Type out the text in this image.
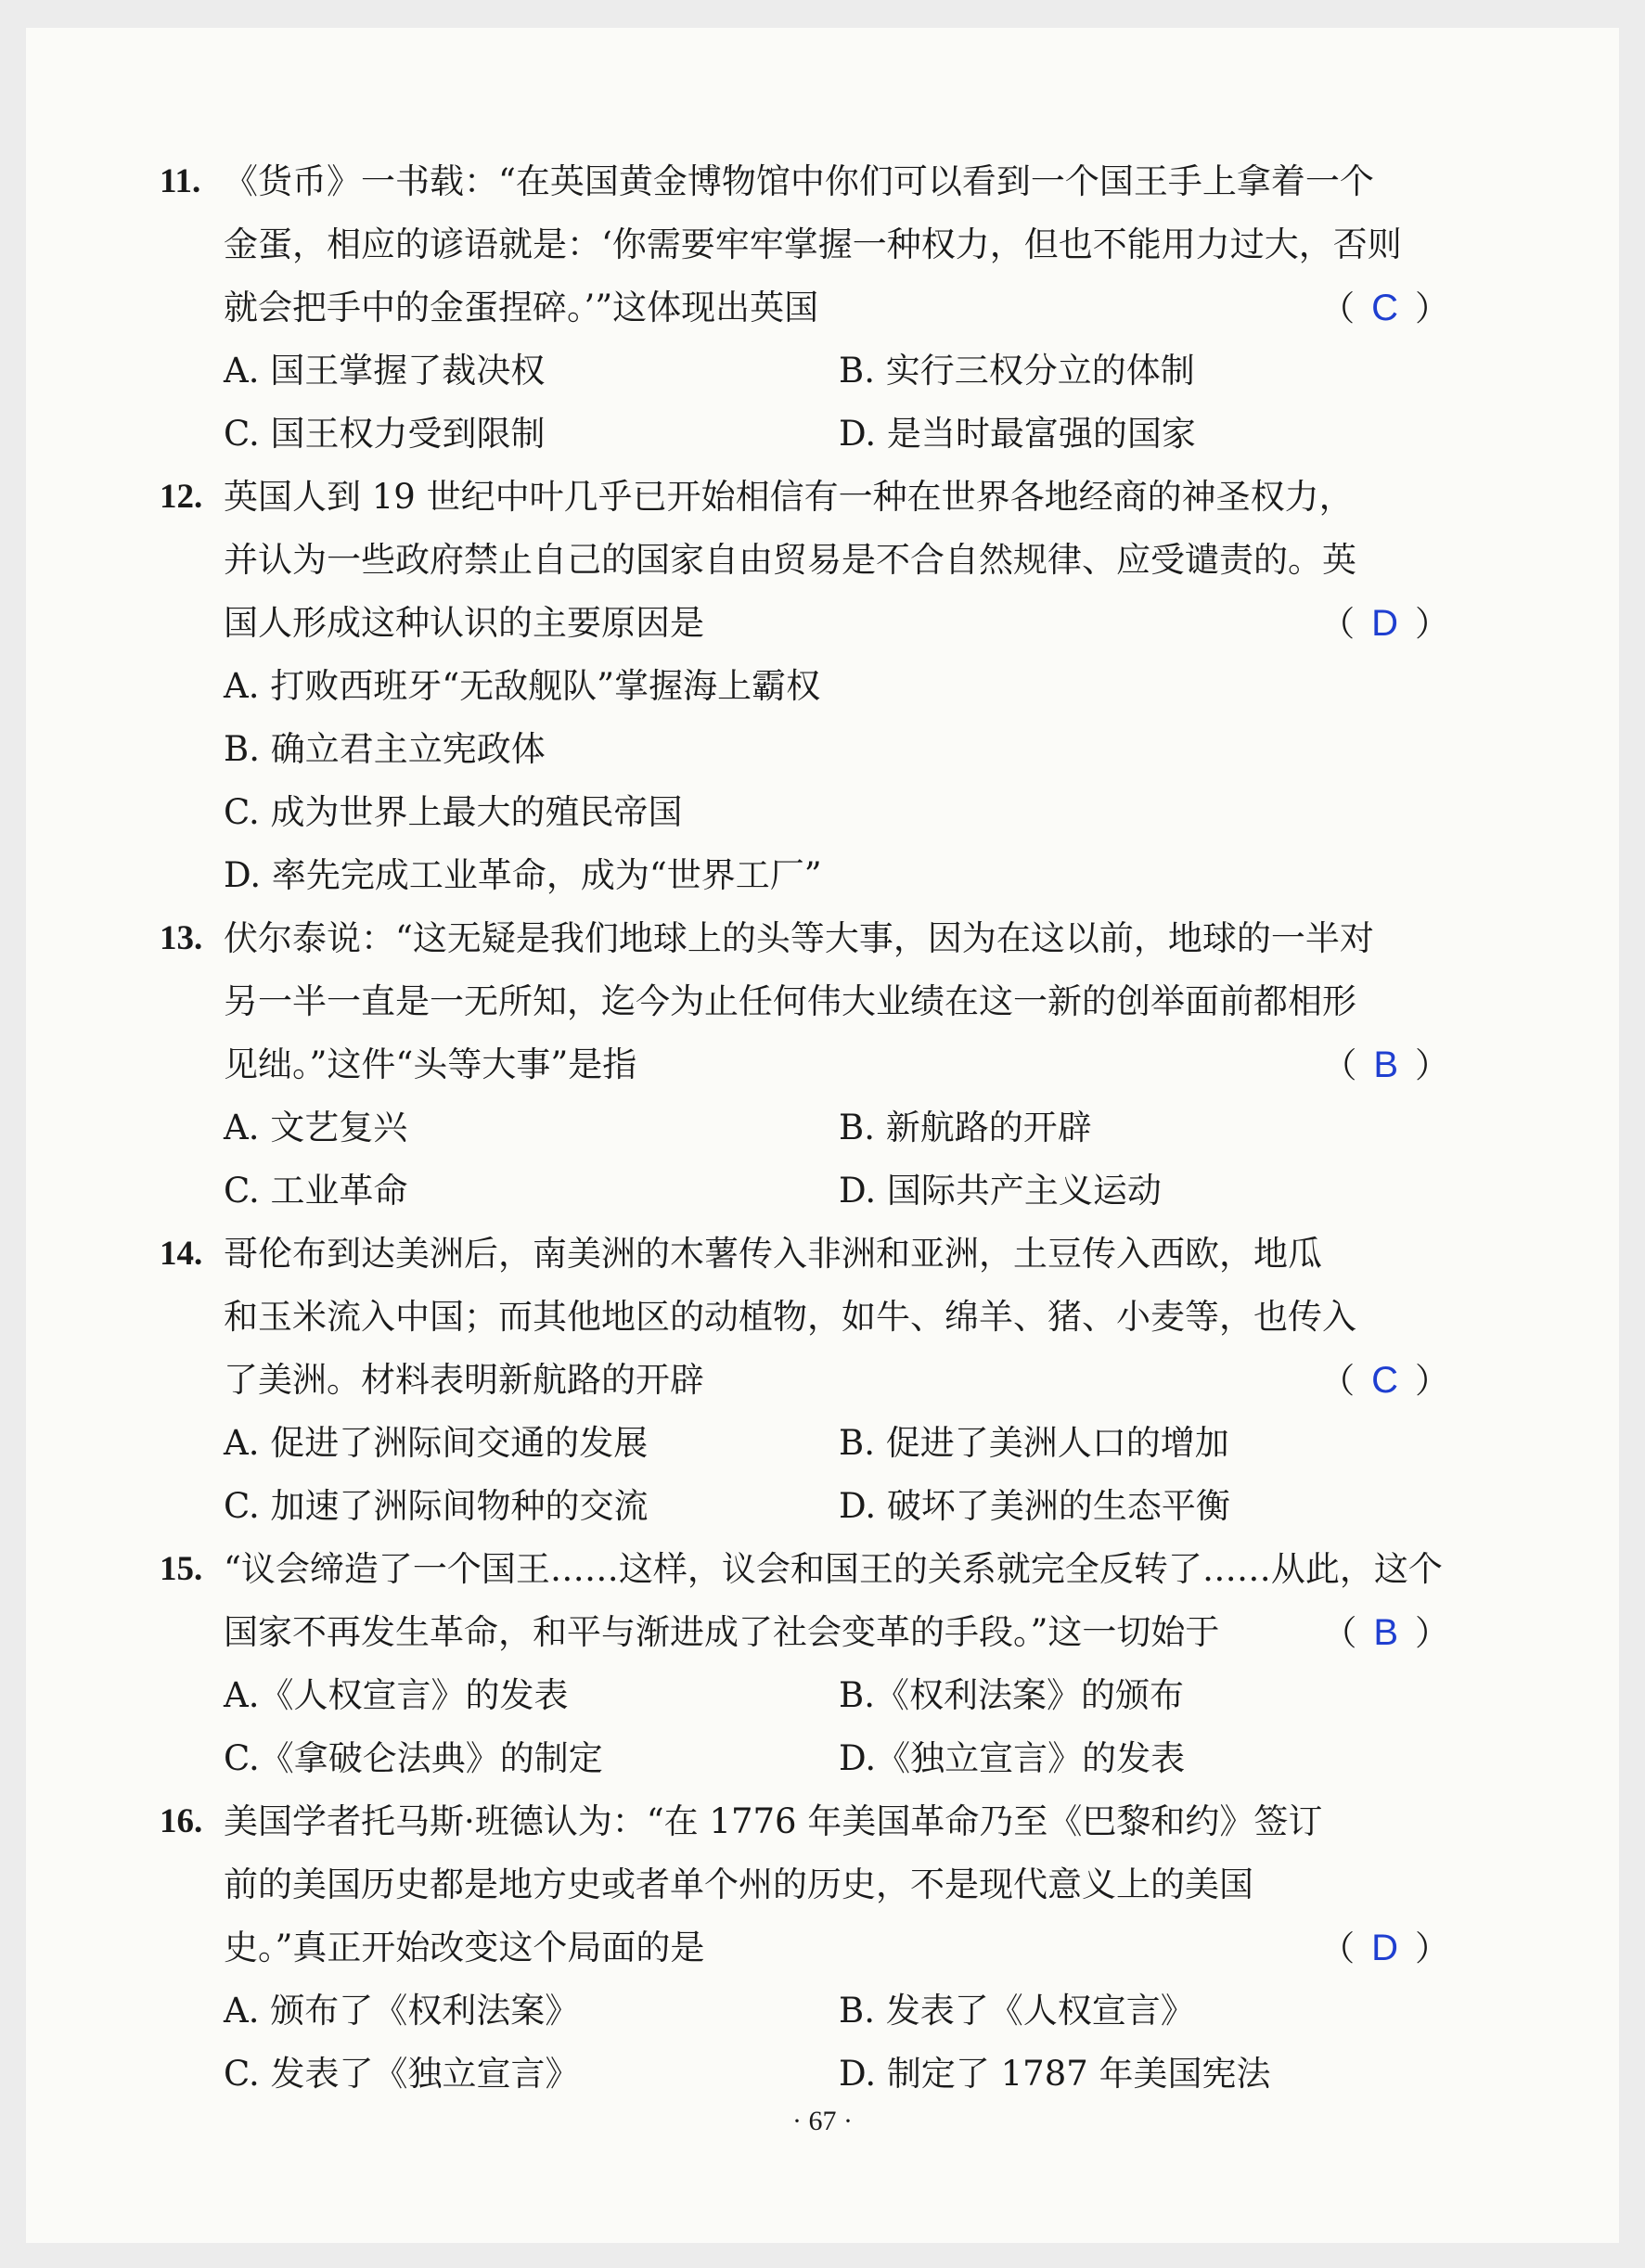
11. 《货币》一书载：“在英国黄金博物馆中你们可以看到一个国王手上拿着一个
金蛋，相应的谚语就是：‘你需要牢牢掌握一种权力，但也不能用力过大，否则
就会把手中的金蛋捏碎。’”这体现出英国	（ C ）
A. 国王掌握了裁决权	B. 实行三权分立的体制
C. 国王权力受到限制	D. 是当时最富强的国家
12. 英国人到 19 世纪中叶几乎已开始相信有一种在世界各地经商的神圣权力，
并认为一些政府禁止自己的国家自由贸易是不合自然规律、应受谴责的。英
国人形成这种认识的主要原因是	（ D ）
A. 打败西班牙“无敌舰队”掌握海上霸权
B. 确立君主立宪政体
C. 成为世界上最大的殖民帝国
D. 率先完成工业革命，成为“世界工厂”
13. 伏尔泰说：“这无疑是我们地球上的头等大事，因为在这以前，地球的一半对
另一半一直是一无所知，迄今为止任何伟大业绩在这一新的创举面前都相形
见绌。”这件“头等大事”是指	（ B ）
A. 文艺复兴	B. 新航路的开辟
C. 工业革命	D. 国际共产主义运动
14. 哥伦布到达美洲后，南美洲的木薯传入非洲和亚洲，土豆传入西欧，地瓜
和玉米流入中国；而其他地区的动植物，如牛、绵羊、猪、小麦等，也传入
了美洲。材料表明新航路的开辟	（ C ）
A. 促进了洲际间交通的发展	B. 促进了美洲人口的增加
C. 加速了洲际间物种的交流	D. 破坏了美洲的生态平衡
15. “议会缔造了一个国王……这样，议会和国王的关系就完全反转了……从此，这个
国家不再发生革命，和平与渐进成了社会变革的手段。”这一切始于	（ B ）
A.《人权宣言》的发表	B.《权利法案》的颁布
C.《拿破仑法典》的制定	D.《独立宣言》的发表
16. 美国学者托马斯·班德认为：“在 1776 年美国革命乃至《巴黎和约》签订
前的美国历史都是地方史或者单个州的历史，不是现代意义上的美国
史。”真正开始改变这个局面的是	（ D ）
A. 颁布了《权利法案》	B. 发表了《人权宣言》
C. 发表了《独立宣言》	D. 制定了 1787 年美国宪法
· 67 ·
